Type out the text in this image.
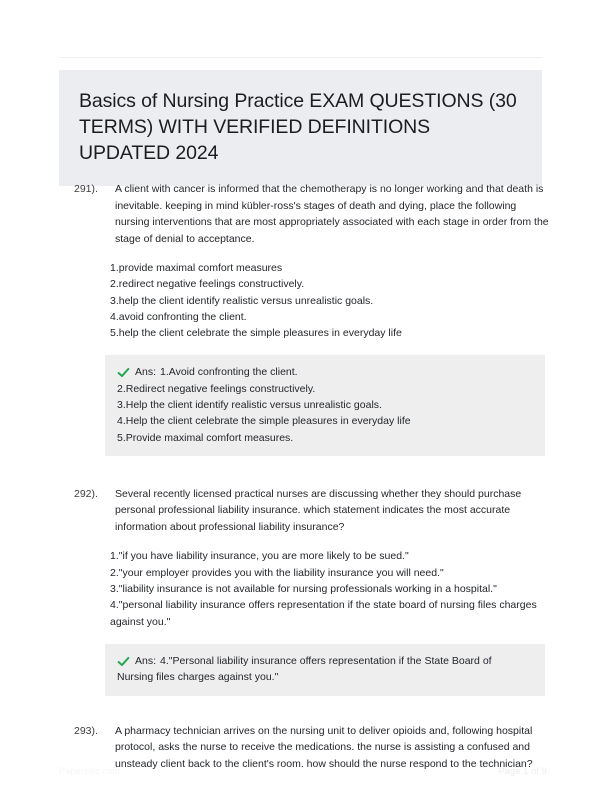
Basics of Nursing Practice EXAM QUESTIONS (30 TERMS) WITH VERIFIED DEFINITIONS UPDATED 2024
291).	A client with cancer is informed that the chemotherapy is no longer working and that death is inevitable. keeping in mind kübler-ross's stages of death and dying, place the following nursing interventions that are most appropriately associated with each stage in order from the stage of denial to acceptance.
1.provide maximal comfort measures
2.redirect negative feelings constructively.
3.help the client identify realistic versus unrealistic goals.
4.avoid confronting the client.
5.help the client celebrate the simple pleasures in everyday life
Ans: 1.Avoid confronting the client.
2.Redirect negative feelings constructively.
3.Help the client identify realistic versus unrealistic goals.
4.Help the client celebrate the simple pleasures in everyday life
5.Provide maximal comfort measures.
292).	Several recently licensed practical nurses are discussing whether they should purchase personal professional liability insurance. which statement indicates the most accurate information about professional liability insurance?
1."if you have liability insurance, you are more likely to be sued."
2."your employer provides you with the liability insurance you will need."
3."liability insurance is not available for nursing professionals working in a hospital."
4."personal liability insurance offers representation if the state board of nursing files charges against you."
Ans: 4."Personal liability insurance offers representation if the State Board of
Nursing files charges against you."
293).	A pharmacy technician arrives on the nursing unit to deliver opioids and, following hospital protocol, asks the nurse to receive the medications. the nurse is assisting a confused and unsteady client back to the client's room. how should the nurse respond to the technician?
PaperStic.com	Page 1 of 9
